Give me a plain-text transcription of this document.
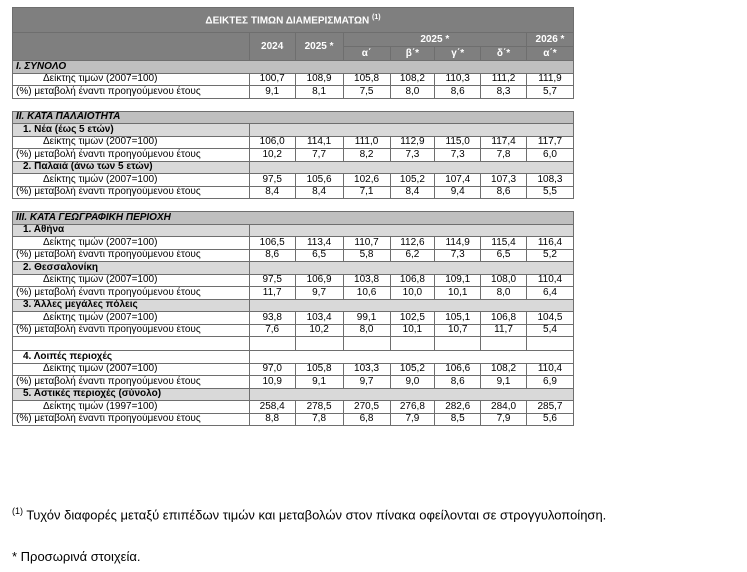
ΔΕΙΚΤΕΣ ΤΙΜΩΝ ΔΙΑΜΕΡΙΣΜΑΤΩΝ $^{(1)}$
	2024	2025 *	2025 *				2026 *
			α΄	β΄*	γ΄*	δ΄*	α΄*
I. ΣΥΝΟΛΟ							
Δείκτης τιμών (2007=100)	100,7	108,9	105,8	108,2	110,3	111,2	111,9
(%) μεταβολή έναντι προηγούμενου έτους	9,1	8,1	7,5	8,0	8,6	8,3	5,7

II. ΚΑΤΑ ΠΑΛΑΙΟΤΗΤΑ							
1. Νέα (έως 5 ετών)							
Δείκτης τιμών (2007=100)	106,0	114,1	111,0	112,9	115,0	117,4	117,7
(%) μεταβολή έναντι προηγούμενου έτους	10,2	7,7	8,2	7,3	7,3	7,8	6,0
2. Παλαιά (άνω των 5 ετών)							
Δείκτης τιμών (2007=100)	97,5	105,6	102,6	105,2	107,4	107,3	108,3
(%) μεταβολή έναντι προηγούμενου έτους	8,4	8,4	7,1	8,4	9,4	8,6	5,5

III. ΚΑΤΑ ΓΕΩΓΡΑΦΙΚΗ ΠΕΡΙΟΧΗ							
1. Αθήνα							
Δείκτης τιμών (2007=100)	106,5	113,4	110,7	112,6	114,9	115,4	116,4
(%) μεταβολή έναντι προηγούμενου έτους	8,6	6,5	5,8	6,2	7,3	6,5	5,2
2. Θεσσαλονίκη							
Δείκτης τιμών (2007=100)	97,5	106,9	103,8	106,8	109,1	108,0	110,4
(%) μεταβολή έναντι προηγούμενου έτους	11,7	9,7	10,6	10,0	10,1	8,0	6,4
3. Άλλες μεγάλες πόλεις							
Δείκτης τιμών (2007=100)	93,8	103,4	99,1	102,5	105,1	106,8	104,5
(%) μεταβολή έναντι προηγούμενου έτους	7,6	10,2	8,0	10,1	10,7	11,7	5,4

4. Λοιπές περιοχές							
Δείκτης τιμών (2007=100)	97,0	105,8	103,3	105,2	106,6	108,2	110,4
(%) μεταβολή έναντι προηγούμενου έτους	10,9	9,1	9,7	9,0	8,6	9,1	6,9
5. Αστικές περιοχές (σύνολο)							
Δείκτης τιμών (1997=100)	258,4	278,5	270,5	276,8	282,6	284,0	285,7
(%) μεταβολή έναντι προηγούμενου έτους	8,8	7,8	6,8	7,9	8,5	7,9	5,6
$^{(1)}$ Τυχόν διαφορές μεταξύ επιπέδων τιμών και μεταβολών στον πίνακα οφείλονται σε στρογγυλοποίηση.
* Προσωρινά στοιχεία.
